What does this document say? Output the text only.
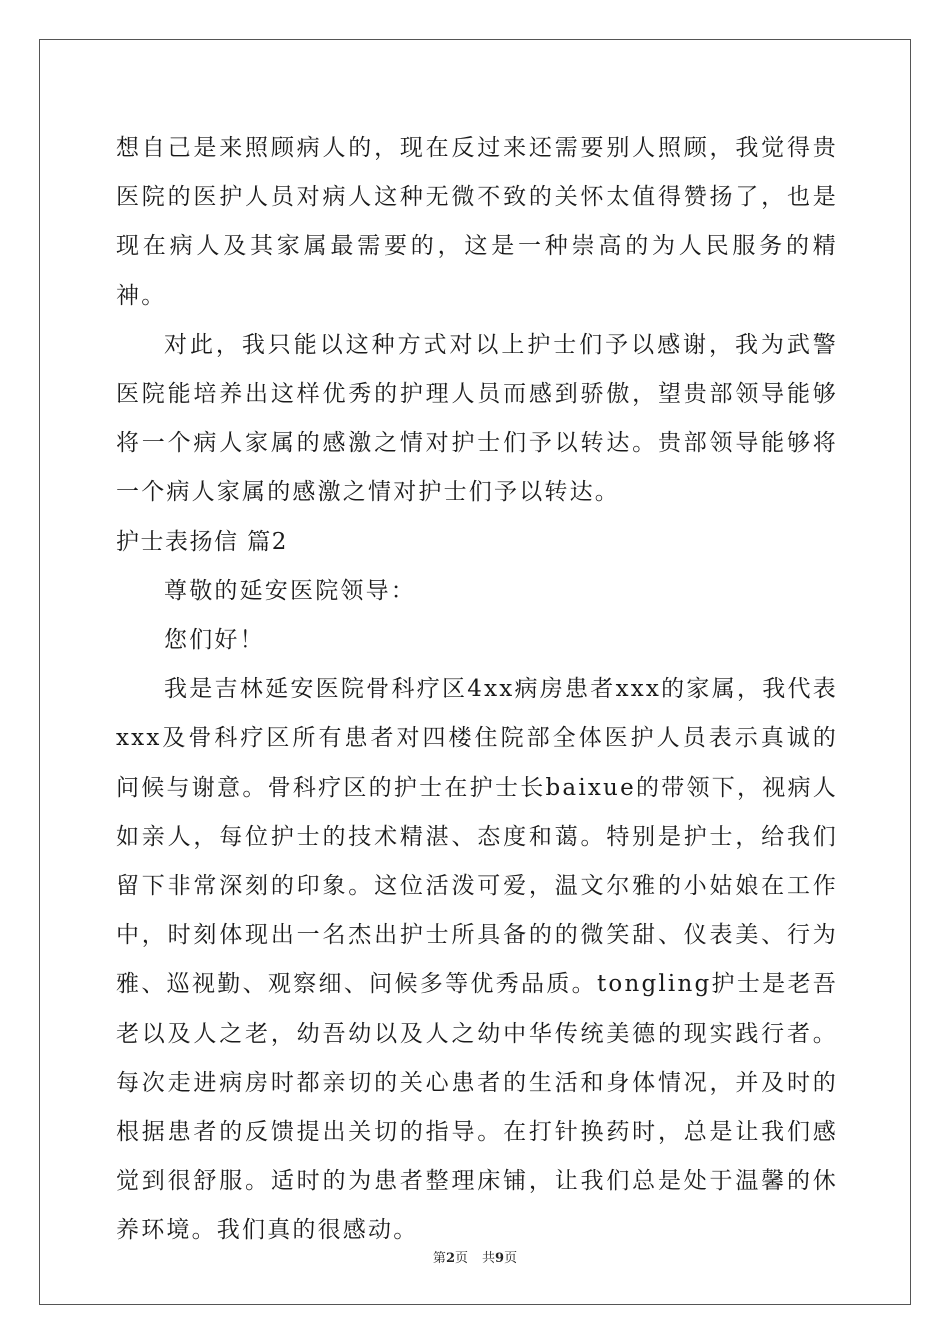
想自己是来照顾病人的，现在反过来还需要别人照顾，我觉得贵医院的医护人员对病人这种无微不致的关怀太值得赞扬了，也是现在病人及其家属最需要的，这是一种崇高的为人民服务的精神。

对此，我只能以这种方式对以上护士们予以感谢，我为武警医院能培养出这样优秀的护理人员而感到骄傲，望贵部领导能够将一个病人家属的感激之情对护士们予以转达。贵部领导能够将一个病人家属的感激之情对护士们予以转达。

护士表扬信 篇2

尊敬的延安医院领导：

您们好！

我是吉林延安医院骨科疗区4xx病房患者xxx的家属，我代表xxx及骨科疗区所有患者对四楼住院部全体医护人员表示真诚的问候与谢意。骨科疗区的护士在护士长baixue的带领下，视病人如亲人，每位护士的技术精湛、态度和蔼。特别是护士，给我们留下非常深刻的印象。这位活泼可爱，温文尔雅的小姑娘在工作中，时刻体现出一名杰出护士所具备的的微笑甜、仪表美、行为雅、巡视勤、观察细、问候多等优秀品质。tongling护士是老吾老以及人之老，幼吾幼以及人之幼中华传统美德的现实践行者。每次走进病房时都亲切的关心患者的生活和身体情况，并及时的根据患者的反馈提出关切的指导。在打针换药时，总是让我们感觉到很舒服。适时的为患者整理床铺，让我们总是处于温馨的休养环境。我们真的很感动。

第2页 共9页
